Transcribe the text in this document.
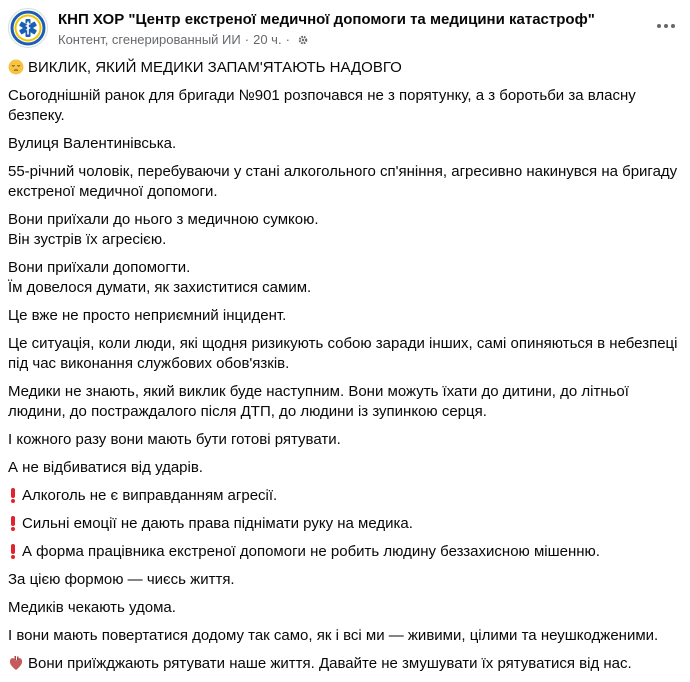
КНП ХОР "Центр екстреної медичної допомоги та медицини катастроф"
Контент, сгенерированный ИИ · 20 ч. ·
ВИКЛИК, ЯКИЙ МЕДИКИ ЗАПАМ'ЯТАЮТЬ НАДОВГО
Сьогоднішній ранок для бригади №901 розпочався не з порятунку, а з боротьби за власну безпеку.
Вулиця Валентинівська.
55-річний чоловік, перебуваючи у стані алкогольного сп'яніння, агресивно накинувся на бригаду екстреної медичної допомоги.
Вони приїхали до нього з медичною сумкою.
Він зустрів їх агресією.
Вони приїхали допомогти.
Їм довелося думати, як захиститися самим.
Це вже не просто неприємний інцидент.
Це ситуація, коли люди, які щодня ризикують собою заради інших, самі опиняються в небезпеці під час виконання службових обов'язків.
Медики не знають, який виклик буде наступним. Вони можуть їхати до дитини, до літньої людини, до постраждалого після ДТП, до людини із зупинкою серця.
І кожного разу вони мають бути готові рятувати.
А не відбиватися від ударів.
Алкоголь не є виправданням агресії.
Сильні емоції не дають права піднімати руку на медика.
А форма працівника екстреної допомоги не робить людину беззахисною мішенню.
За цією формою — чиєсь життя.
Медиків чекають удома.
І вони мають повертатися додому так само, як і всі ми — живими, цілими та неушкодженими.
Вони приїжджають рятувати наше життя. Давайте не змушувати їх рятуватися від нас.
